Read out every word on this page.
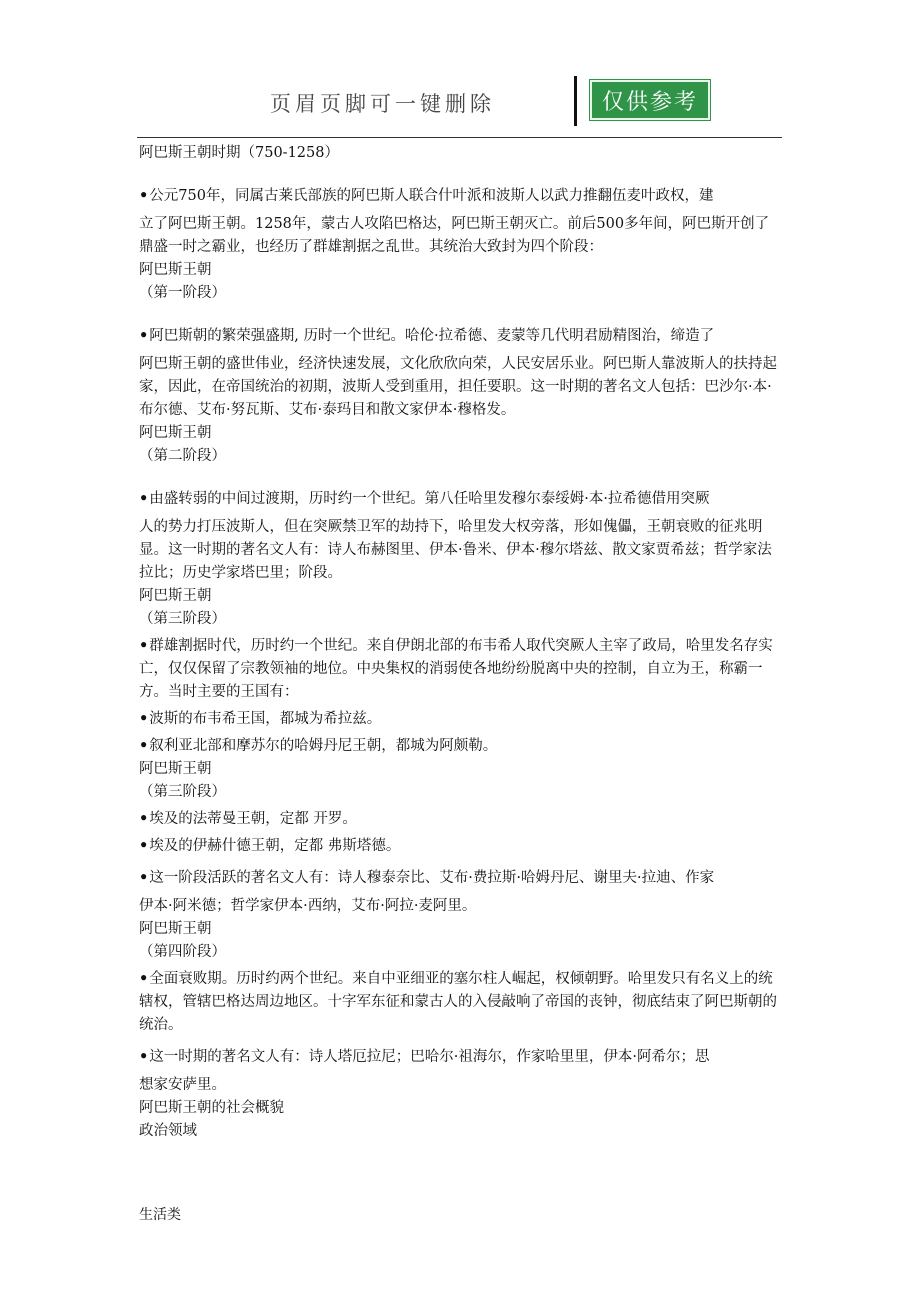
页眉页脚可一键删除	仅供参考

阿巴斯王朝时期（750-1258）

• 公元750年，同属古莱氏部族的阿巴斯人联合什叶派和波斯人以武力推翻伍麦叶政权，建

立了阿巴斯王朝。1258年，蒙古人攻陷巴格达，阿巴斯王朝灭亡。前后500多年间，阿巴斯开创了鼎盛一时之霸业，也经历了群雄割据之乱世。其统治大致封为四个阶段：

阿巴斯王朝

（第一阶段）

• 阿巴斯朝的繁荣强盛期, 历时一个世纪。哈伦·拉希德、麦蒙等几代明君励精图治，缔造了

阿巴斯王朝的盛世伟业，经济快速发展，文化欣欣向荣，人民安居乐业。阿巴斯人靠波斯人的扶持起家，因此，在帝国统治的初期，波斯人受到重用，担任要职。这一时期的著名文人包括：巴沙尔·本·布尔德、艾布·努瓦斯、艾布·泰玛目和散文家伊本·穆格发。

阿巴斯王朝

（第二阶段）

• 由盛转弱的中间过渡期，历时约一个世纪。第八任哈里发穆尔泰绥姆·本·拉希德借用突厥

人的势力打压波斯人，但在突厥禁卫军的劫持下，哈里发大权旁落，形如傀儡，王朝衰败的征兆明显。这一时期的著名文人有：诗人布赫图里、伊本·鲁米、伊本·穆尔塔兹、散文家贾希兹；哲学家法拉比；历史学家塔巴里；阶段。

阿巴斯王朝

（第三阶段）

• 群雄割据时代，历时约一个世纪。来自伊朗北部的布韦希人取代突厥人主宰了政局，哈里发名存实亡，仅仅保留了宗教领袖的地位。中央集权的消弱使各地纷纷脱离中央的控制，自立为王，称霸一方。当时主要的王国有：

• 波斯的布韦希王国，都城为希拉兹。

• 叙利亚北部和摩苏尔的哈姆丹尼王朝，都城为阿颇勒。

阿巴斯王朝

（第三阶段）

• 埃及的法蒂曼王朝，定都 开罗。

• 埃及的伊赫什德王朝，定都 弗斯塔德。

• 这一阶段活跃的著名文人有：诗人穆泰奈比、艾布·费拉斯·哈姆丹尼、谢里夫·拉迪、作家

伊本·阿米德；哲学家伊本·西纳，艾布·阿拉·麦阿里。

阿巴斯王朝

（第四阶段）

• 全面衰败期。历时约两个世纪。来自中亚细亚的塞尔柱人崛起，权倾朝野。哈里发只有名义上的统辖权，管辖巴格达周边地区。十字军东征和蒙古人的入侵敲响了帝国的丧钟，彻底结束了阿巴斯朝的统治。

• 这一时期的著名文人有：诗人塔厄拉尼；巴哈尔·祖海尔，作家哈里里，伊本·阿希尔；思

想家安萨里。

阿巴斯王朝的社会概貌

政治领域

生活类
